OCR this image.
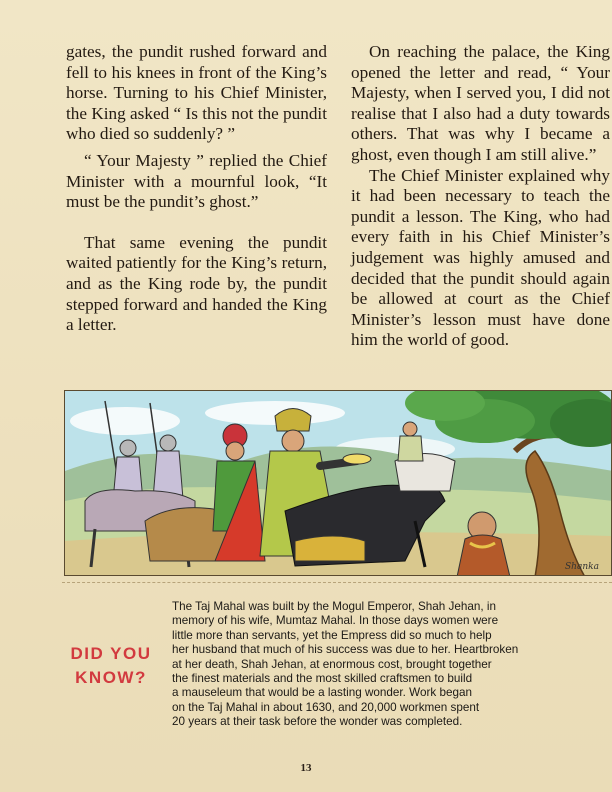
gates, the pundit rushed forward and fell to his knees in front of the King’s horse. Turning to his Chief Minister, the King asked “ Is this not the pundit who died so suddenly? ”

“ Your Majesty ” replied the Chief Minister with a mournful look, “It must be the pundit’s ghost.”

That same evening the pundit waited patiently for the King’s return, and as the King rode by, the pundit stepped forward and handed the King a letter.

On reaching the palace, the King opened the letter and read, “ Your Majesty, when I served you, I did not realise that I also had a duty towards others. That was why I became a ghost, even though I am still alive.”

The Chief Minister explained why it had been necessary to teach the pundit a lesson. The King, who had every faith in his Chief Minister’s judgement was highly amused and decided that the pundit should again be allowed at court as the Chief Minister’s lesson must have done him the world of good.

Shanka
DID YOU
KNOW?
The Taj Mahal was built by the Mogul Emperor, Shah Jehan, in
memory of his wife, Mumtaz Mahal. In those days women were
little more than servants, yet the Empress did so much to help
her husband that much of his success was due to her. Heartbroken
at her death, Shah Jehan, at enormous cost, brought together
the finest materials and the most skilled craftsmen to build
a mauseleum that would be a lasting wonder. Work began
on the Taj Mahal in about 1630, and 20,000 workmen spent
20 years at their task before the wonder was completed.
13
